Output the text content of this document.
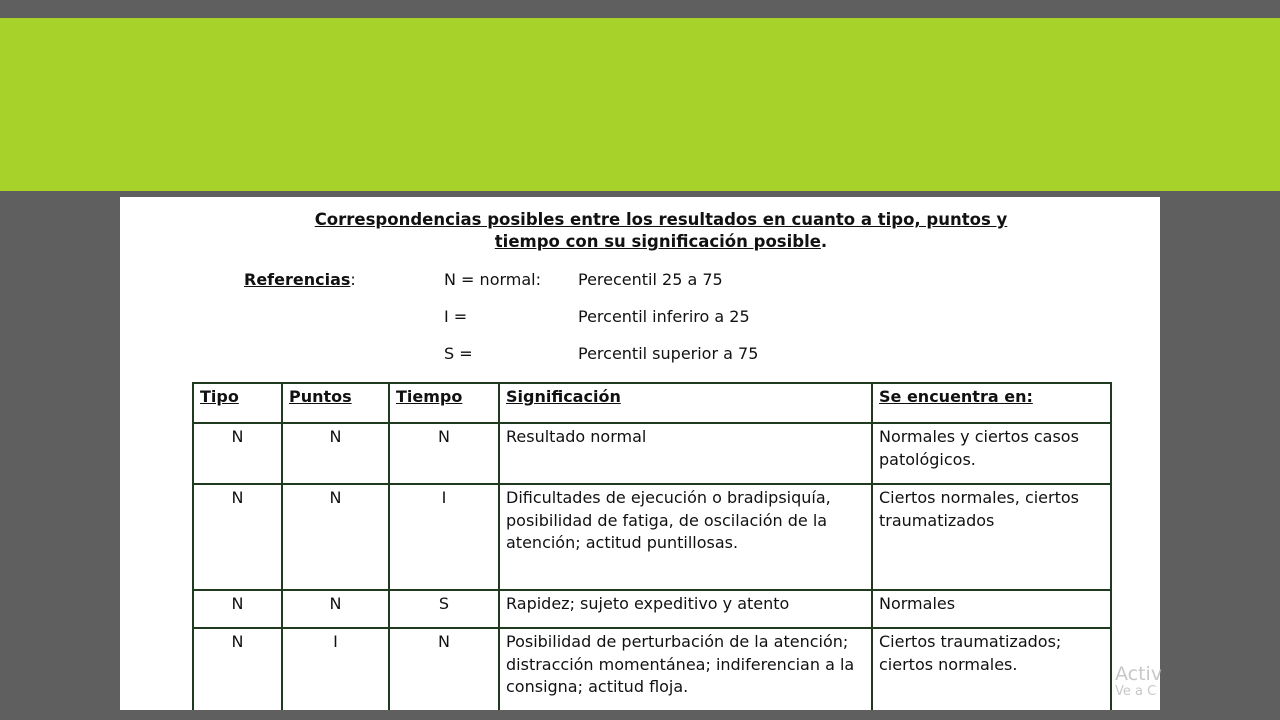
Correspondencias posibles entre los resultados en cuanto a tipo, puntos y
tiempo con su significación posible.
Referencias:	N = normal: Perecentil 25 a 75
I =	Percentil inferiro a 25
S =	Percentil superior a 75
Tipo	Puntos	Tiempo	Significación	Se encuentra en:
N	N	N	Resultado normal	Normales y ciertos casos patológicos.
N	N	I	Dificultades de ejecución o bradipsiquía, posibilidad de fatiga, de oscilación de la atención; actitud puntillosas.	Ciertos normales, ciertos traumatizados
N	N	S	Rapidez; sujeto expeditivo y atento	Normales
N	I	N	Posibilidad de perturbación de la atención; distracción momentánea; indiferencian a la consigna; actitud floja.	Ciertos traumatizados; ciertos normales.	Activ
Ve a C
